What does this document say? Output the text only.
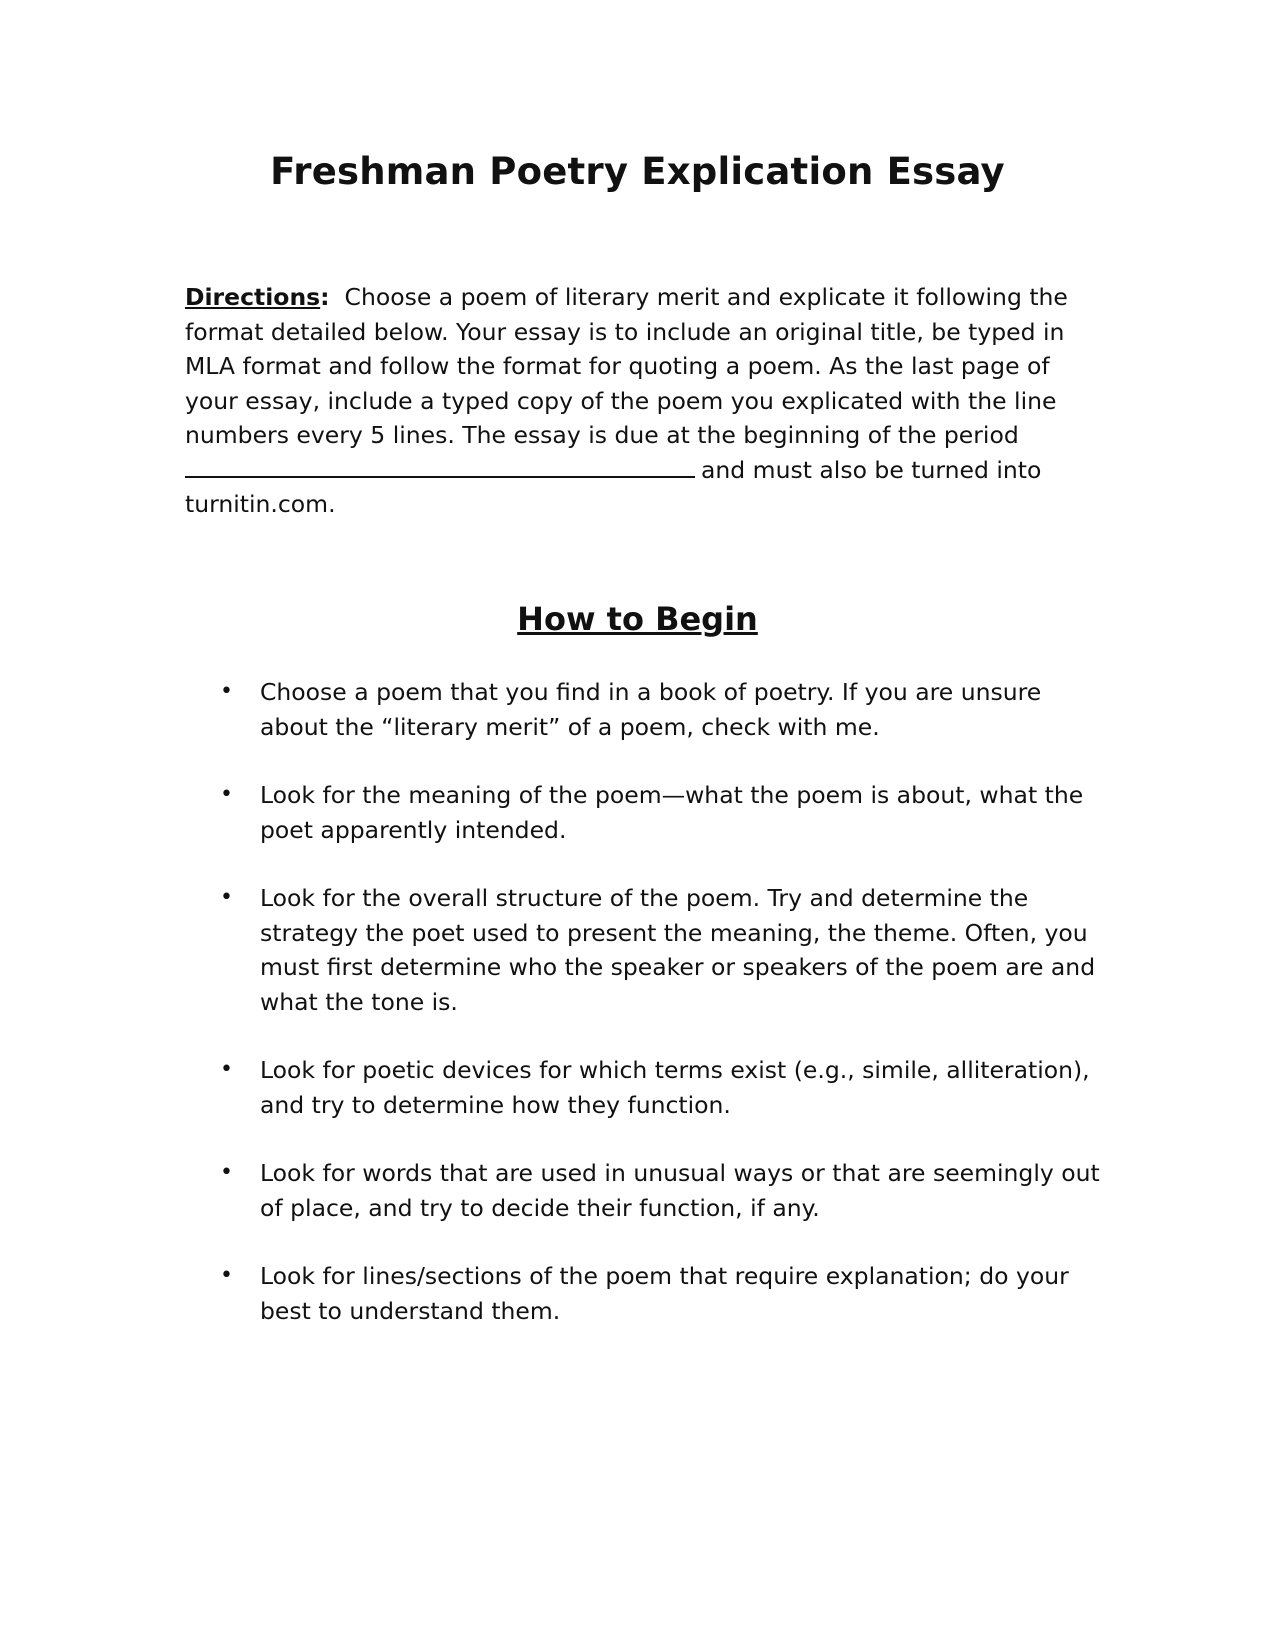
Freshman Poetry Explication Essay
Directions: Choose a poem of literary merit and explicate it following the format detailed below. Your essay is to include an original title, be typed in MLA format and follow the format for quoting a poem. As the last page of your essay, include a typed copy of the poem you explicated with the line numbers every 5 lines. The essay is due at the beginning of the period and must also be turned into turnitin.com.
How to Begin
• Choose a poem that you find in a book of poetry. If you are unsure about the “literary merit” of a poem, check with me.
• Look for the meaning of the poem—what the poem is about, what the poet apparently intended.
• Look for the overall structure of the poem. Try and determine the strategy the poet used to present the meaning, the theme. Often, you must first determine who the speaker or speakers of the poem are and what the tone is.
• Look for poetic devices for which terms exist (e.g., simile, alliteration), and try to determine how they function.
• Look for words that are used in unusual ways or that are seemingly out of place, and try to decide their function, if any.
• Look for lines/sections of the poem that require explanation; do your best to understand them.
